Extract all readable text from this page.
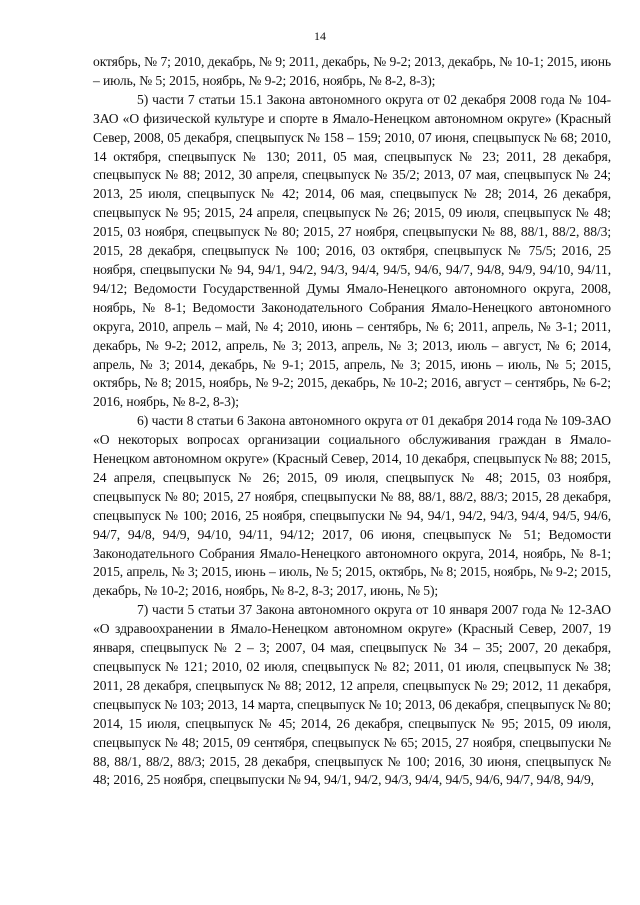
14

октябрь, № 7; 2010, декабрь, № 9; 2011, декабрь, № 9-2; 2013, декабрь, № 10-1; 2015, июнь – июль, № 5; 2015, ноябрь, № 9-2; 2016, ноябрь, № 8-2, 8-3);

5) части 7 статьи 15.1 Закона автономного округа от 02 декабря 2008 года № 104-ЗАО «О физической культуре и спорте в Ямало-Ненецком автономном округе» (Красный Север, 2008, 05 декабря, спецвыпуск № 158 – 159; 2010, 07 июня, спецвыпуск № 68; 2010, 14 октября, спецвыпуск № 130; 2011, 05 мая, спецвыпуск № 23; 2011, 28 декабря, спецвыпуск № 88; 2012, 30 апреля, спецвыпуск № 35/2; 2013, 07 мая, спецвыпуск № 24; 2013, 25 июля, спецвыпуск № 42; 2014, 06 мая, спецвыпуск № 28; 2014, 26 декабря, спецвыпуск № 95; 2015, 24 апреля, спецвыпуск № 26; 2015, 09 июля, спецвыпуск № 48; 2015, 03 ноября, спецвыпуск № 80; 2015, 27 ноября, спецвыпуски № 88, 88/1, 88/2, 88/3; 2015, 28 декабря, спецвыпуск № 100; 2016, 03 октября, спецвыпуск № 75/5; 2016, 25 ноября, спецвыпуски № 94, 94/1, 94/2, 94/3, 94/4, 94/5, 94/6, 94/7, 94/8, 94/9, 94/10, 94/11, 94/12; Ведомости Государственной Думы Ямало-Ненецкого автономного округа, 2008, ноябрь, № 8-1; Ведомости Законодательного Собрания Ямало-Ненецкого автономного округа, 2010, апрель – май, № 4; 2010, июнь – сентябрь, № 6; 2011, апрель, № 3-1; 2011, декабрь, № 9-2; 2012, апрель, № 3; 2013, апрель, № 3; 2013, июль – август, № 6; 2014, апрель, № 3; 2014, декабрь, № 9-1; 2015, апрель, № 3; 2015, июнь – июль, № 5; 2015, октябрь, № 8; 2015, ноябрь, № 9-2; 2015, декабрь, № 10-2; 2016, август – сентябрь, № 6-2; 2016, ноябрь, № 8-2, 8-3);

6) части 8 статьи 6 Закона автономного округа от 01 декабря 2014 года № 109-ЗАО «О некоторых вопросах организации социального обслуживания граждан в Ямало-Ненецком автономном округе» (Красный Север, 2014, 10 декабря, спецвыпуск № 88; 2015, 24 апреля, спецвыпуск № 26; 2015, 09 июля, спецвыпуск № 48; 2015, 03 ноября, спецвыпуск № 80; 2015, 27 ноября, спецвыпуски № 88, 88/1, 88/2, 88/3; 2015, 28 декабря, спецвыпуск № 100; 2016, 25 ноября, спецвыпуски № 94, 94/1, 94/2, 94/3, 94/4, 94/5, 94/6, 94/7, 94/8, 94/9, 94/10, 94/11, 94/12; 2017, 06 июня, спецвыпуск № 51; Ведомости Законодательного Собрания Ямало-Ненецкого автономного округа, 2014, ноябрь, № 8-1; 2015, апрель, № 3; 2015, июнь – июль, № 5; 2015, октябрь, № 8; 2015, ноябрь, № 9-2; 2015, декабрь, № 10-2; 2016, ноябрь, № 8-2, 8-3; 2017, июнь, № 5);

7) части 5 статьи 37 Закона автономного округа от 10 января 2007 года № 12-ЗАО «О здравоохранении в Ямало-Ненецком автономном округе» (Красный Север, 2007, 19 января, спецвыпуск № 2 – 3; 2007, 04 мая, спецвыпуск № 34 – 35; 2007, 20 декабря, спецвыпуск № 121; 2010, 02 июля, спецвыпуск № 82; 2011, 01 июля, спецвыпуск № 38; 2011, 28 декабря, спецвыпуск № 88; 2012, 12 апреля, спецвыпуск № 29; 2012, 11 декабря, спецвыпуск № 103; 2013, 14 марта, спецвыпуск № 10; 2013, 06 декабря, спецвыпуск № 80; 2014, 15 июля, спецвыпуск № 45; 2014, 26 декабря, спецвыпуск № 95; 2015, 09 июля, спецвыпуск № 48; 2015, 09 сентября, спецвыпуск № 65; 2015, 27 ноября, спецвыпуски № 88, 88/1, 88/2, 88/3; 2015, 28 декабря, спецвыпуск № 100; 2016, 30 июня, спецвыпуск № 48; 2016, 25 ноября, спецвыпуски № 94, 94/1, 94/2, 94/3, 94/4, 94/5, 94/6, 94/7, 94/8, 94/9,
